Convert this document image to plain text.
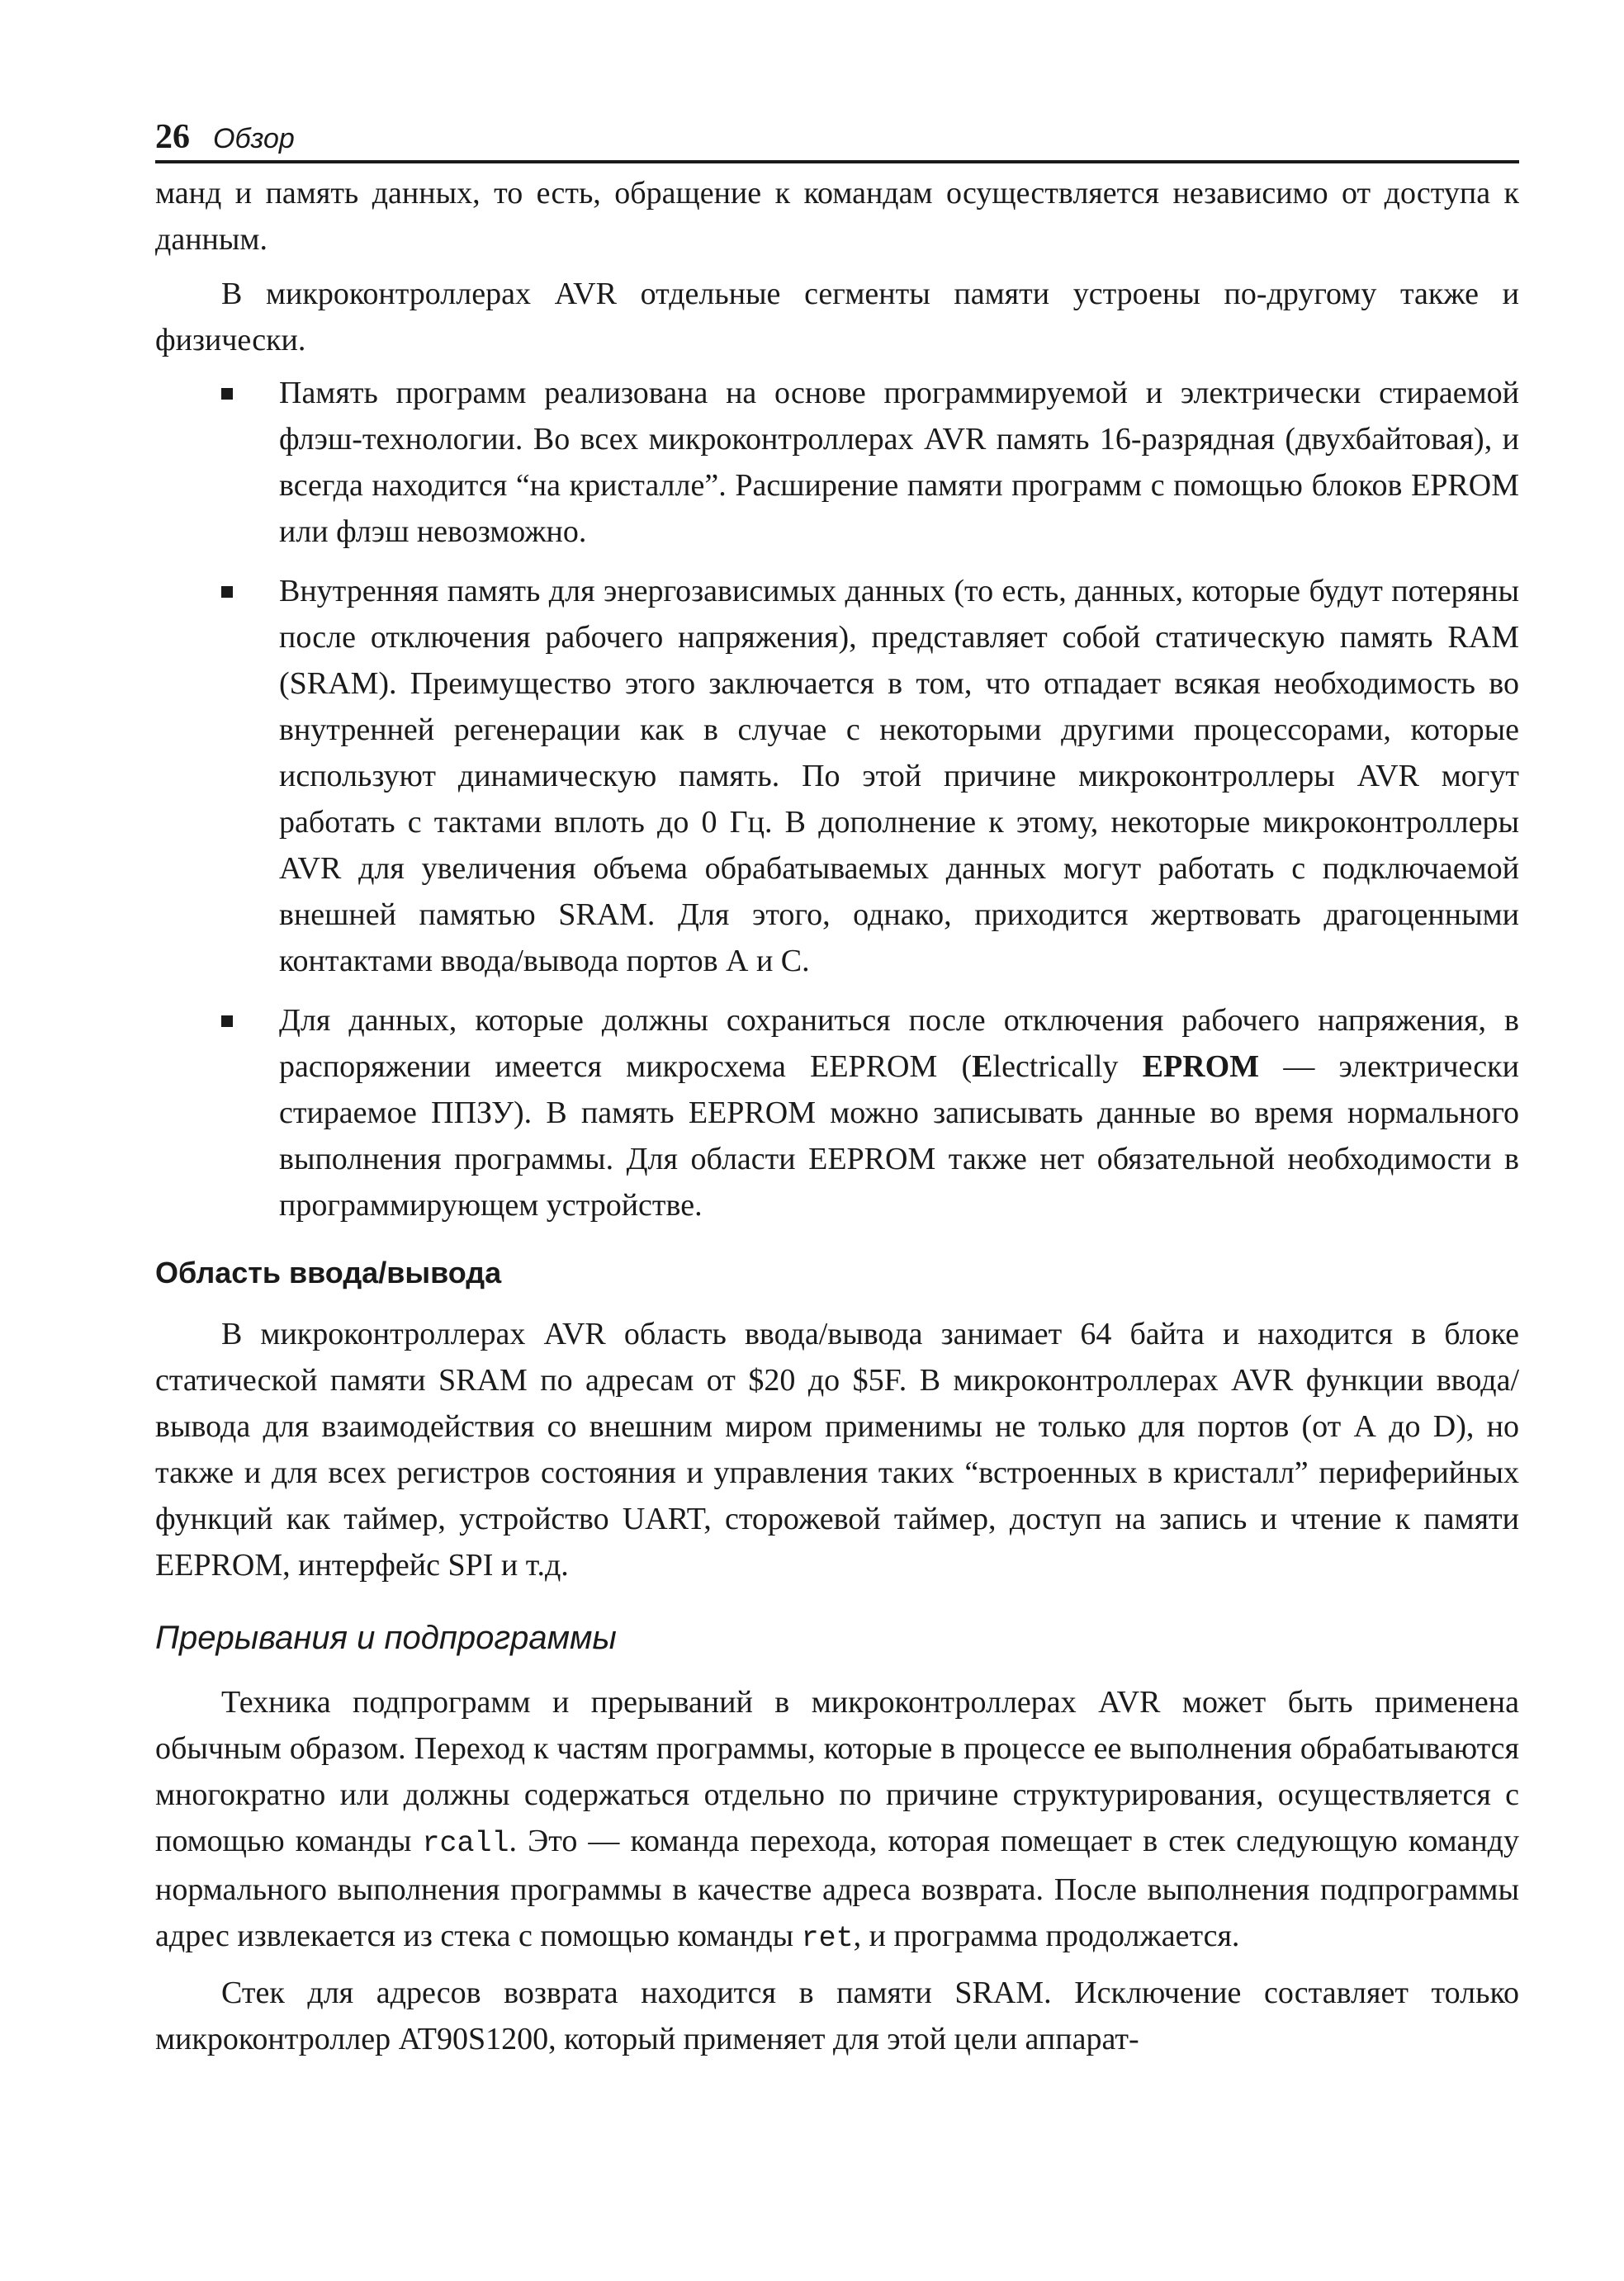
26 Обзор

манд и память данных, то есть, обращение к командам осуществляется независимо от доступа к данным.

В микроконтроллерах AVR отдельные сегменты памяти устроены по-другому также и физически.

Память программ реализована на основе программируемой и электрически стираемой флэш-технологии. Во всех микроконтроллерах AVR память 16-разрядная (двухбайтовая), и всегда находится “на кристалле”. Расширение памяти программ с помощью блоков EPROM или флэш невозможно.
Внутренняя память для энергозависимых данных (то есть, данных, которые будут потеряны после отключения рабочего напряжения), представляет собой статическую память RAM (SRAM). Преимущество этого заключается в том, что отпадает всякая необходимость во внутренней регенерации как в случае с некоторыми другими процессорами, которые используют динамическую память. По этой причине микроконтроллеры AVR могут работать с тактами вплоть до 0 Гц. В дополнение к этому, некоторые микроконтроллеры AVR для увеличения объема обрабатываемых данных могут работать с подключаемой внешней памятью SRAM. Для этого, однако, приходится жертвовать драгоценными контактами ввода/вывода портов А и С.
Для данных, которые должны сохраниться после отключения рабочего напряжения, в распоряжении имеется микросхема EEPROM (Electrically EPROM — электрически стираемое ППЗУ). В память EEPROM можно записывать данные во время нормального выполнения программы. Для области EEPROM также нет обязательной необходимости в программирующем устройстве.
Область ввода/вывода

В микроконтроллерах AVR область ввода/вывода занимает 64 байта и находится в блоке статической памяти SRAM по адресам от $20 до $5F. В микроконтроллерах AVR функции ввода/вывода для взаимодействия со внешним миром применимы не только для портов (от А до D), но также и для всех регистров состояния и управления таких “встроенных в кристалл” периферийных функций как таймер, устройство UART, сторожевой таймер, доступ на запись и чтение к памяти EEPROM, интерфейс SPI и т.д.

Прерывания и подпрограммы

Техника подпрограмм и прерываний в микроконтроллерах AVR может быть применена обычным образом. Переход к частям программы, которые в процессе ее выполнения обрабатываются многократно или должны содержаться отдельно по причине структурирования, осуществляется с помощью команды rcall. Это — команда перехода, которая помещает в стек следующую команду нормального выполнения программы в качестве адреса возврата. После выполнения подпрограммы адрес извлекается из стека с помощью команды ret, и программа продолжается.

Стек для адресов возврата находится в памяти SRAM. Исключение составляет только микроконтроллер AT90S1200, который применяет для этой цели аппарат-
